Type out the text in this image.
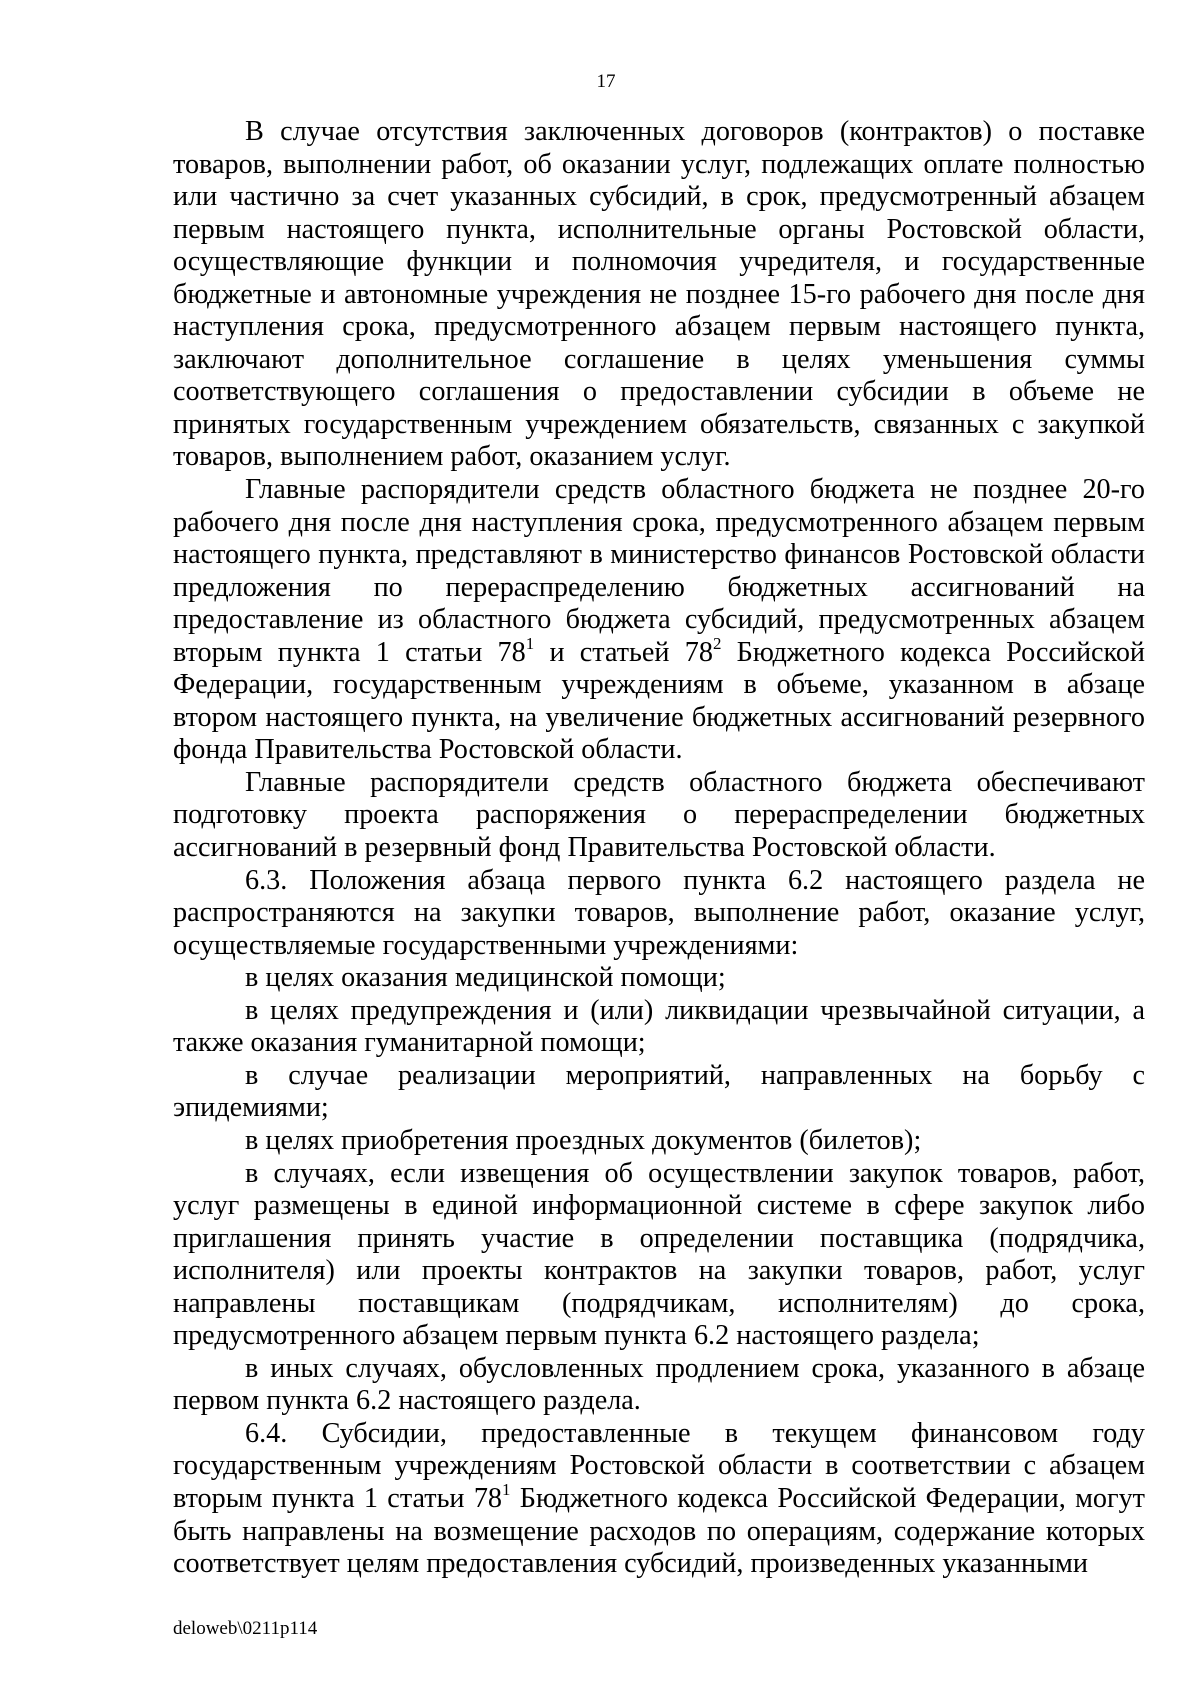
17

В случае отсутствия заключенных договоров (контрактов) о поставке товаров, выполнении работ, об оказании услуг, подлежащих оплате полностью или частично за счет указанных субсидий, в срок, предусмотренный абзацем первым настоящего пункта, исполнительные органы Ростовской области, осуществляющие функции и полномочия учредителя, и государственные бюджетные и автономные учреждения не позднее 15-го рабочего дня после дня наступления срока, предусмотренного абзацем первым настоящего пункта, заключают дополнительное соглашение в целях уменьшения суммы соответствующего соглашения о предоставлении субсидии в объеме не принятых государственным учреждением обязательств, связанных с закупкой товаров, выполнением работ, оказанием услуг.

Главные распорядители средств областного бюджета не позднее 20-го рабочего дня после дня наступления срока, предусмотренного абзацем первым настоящего пункта, представляют в министерство финансов Ростовской области предложения по перераспределению бюджетных ассигнований на предоставление из областного бюджета субсидий, предусмотренных абзацем вторым пункта 1 статьи $78^1$ и статьей $78^2$ Бюджетного кодекса Российской Федерации, государственным учреждениям в объеме, указанном в абзаце втором настоящего пункта, на увеличение бюджетных ассигнований резервного фонда Правительства Ростовской области.

Главные распорядители средств областного бюджета обеспечивают подготовку проекта распоряжения о перераспределении бюджетных ассигнований в резервный фонд Правительства Ростовской области.

6.3. Положения абзаца первого пункта 6.2 настоящего раздела не распространяются на закупки товаров, выполнение работ, оказание услуг, осуществляемые государственными учреждениями:

в целях оказания медицинской помощи;

в целях предупреждения и (или) ликвидации чрезвычайной ситуации, а также оказания гуманитарной помощи;

в случае реализации мероприятий, направленных на борьбу с эпидемиями;

в целях приобретения проездных документов (билетов);

в случаях, если извещения об осуществлении закупок товаров, работ, услуг размещены в единой информационной системе в сфере закупок либо приглашения принять участие в определении поставщика (подрядчика, исполнителя) или проекты контрактов на закупки товаров, работ, услуг направлены поставщикам (подрядчикам, исполнителям) до срока, предусмотренного абзацем первым пункта 6.2 настоящего раздела;

в иных случаях, обусловленных продлением срока, указанного в абзаце первом пункта 6.2 настоящего раздела.

6.4. Субсидии, предоставленные в текущем финансовом году государственным учреждениям Ростовской области в соответствии с абзацем вторым пункта 1 статьи $78^1$ Бюджетного кодекса Российской Федерации, могут быть направлены на возмещение расходов по операциям, содержание которых соответствует целям предоставления субсидий, произведенных указанными

deloweb\0211p114
